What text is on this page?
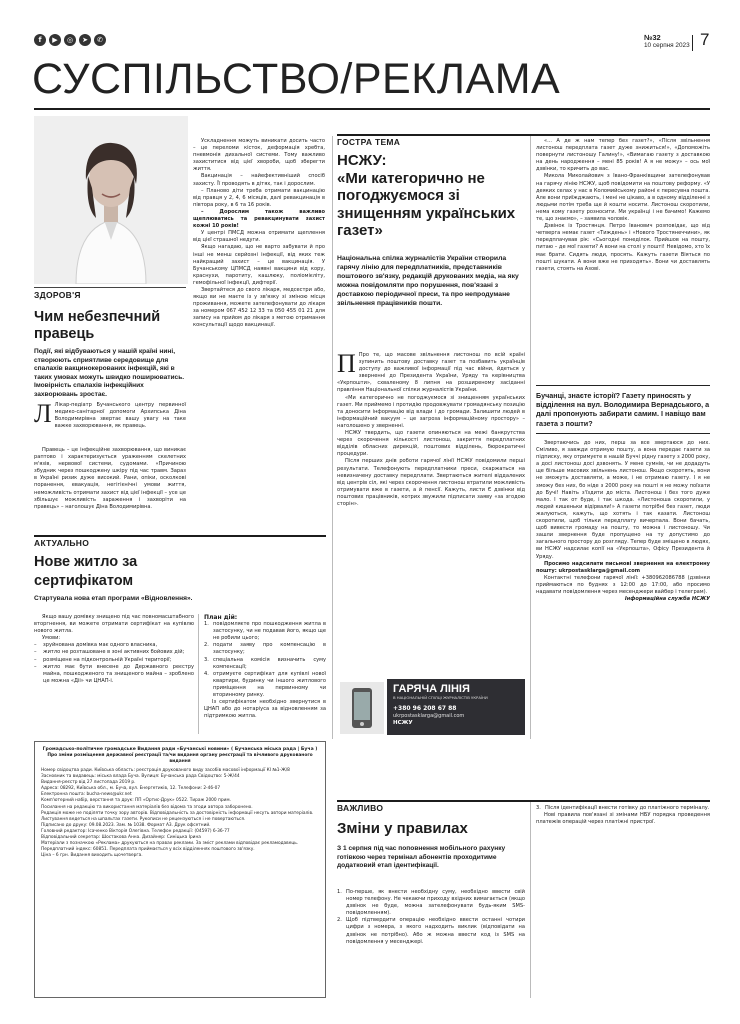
f	▶	◎	➤	✆	№32
10 серпня 2023 7
СУСПІЛЬСТВО/РЕКЛАМА
ЗДОРОВ'Я
Чим небезпечний правець
Події, які відбуваються у нашій країні нині, створюють сприятливе середовище для спалахів вакцинокерованих інфекцій, які в таких умовах можуть швидко поширюватись. Імовірність спалахів інфекційних захворювань зростає.
Л Лікар-педіатр Бучанського центру первинної медико-санітарної допомоги Архипська Діна Володимирівна звертає вашу увагу на таке важке захворювання, як правець.
Правець – це інфекційне захворювання, що виникає раптово і характеризується ураженням скелетних м'язів, нервової системи, судомами. «Причиною збудник через пошкоджену шкіру під час травм. Зараз в Україні ризик дуже високий. Рани, опіки, осколкові поранення, евакуація, негігієнічні умови життя, неможливість отримати захист від цієї інфекції – усе це збільшує можливість зараження і захворіти на правець» – наголошує Діна Володимирівна.

Ускладнення можуть виникати досить часто – це переломи кісток, деформація хребта, пневмонія дихальної системи. Тому важливо захиститися від цієї хвороби, щоб зберегти життя.

Вакцинація – найефективніший спосіб захисту. Її проводять в дітях, так і дорослим.

– Планово діти треба отримати вакцинацію від правця у 2, 4, 6 місяців, далі ревакцинація в півтора року, в 6 та 16 років.

– Дорослим також важливо щеплюватись та ревакцинувати захист кожні 10 років!

У центрі ПМСД можна отримати щеплення від цієї страшної недуги.

Якщо нагадаю, що не варто забувати й про інші не менш серйозні інфекції, від яких теж найкращий захист – це вакцинація. У Бучанському ЦПМСД наявні вакцини від кору, краснухи, паротиту, кашлюку, поліомієліту, гемофільної інфекції, дифтерії.

Звертайтеся до свого лікаря, медсестри або, якщо ви не маєте із у зв'язку зі зміною місця проживання, можете зателефонувати до лікаря за номером 067 452 12 33 та 050 455 01 21 для запису на прийом до лікаря з метою отримання консультації щодо вакцинації.

АКТУАЛЬНО
Нове житло за сертифікатом
Стартувала нова етап програми «Відновлення».

Якщо вашу домівку знищено під час повномасштабного вторгнення, ви можете отримати сертифікат на купівлю нового житла.

Умови:

– зруйнована домівка має одного власника,
– житло не розташоване в зоні активних бойових дій;
– розміщене на підконтрольній Україні території;
– житло має бути внесене до Державного реєстру майна, пошкодженого та знищеного майна – зроблено це можна «Діі» чи ЦНАП-і.

План дій:

1. повідомляєте про пошкодження житла в застосунку, чи не подавав його, якщо ще не робили цього;
2. подати заяву про компенсацію в застосунку;
3. спеціальна комісія визначить суму компенсації;
4. отримуєте сертифікат для купівлі нової квартири, будинку чи іншого житлового приміщення на первинному чи вторинному ринку.

Із сертифікатом необхідно звернутися в ЦНАП або до нотаріуса за відновленням за підтримкою житла.

Громадсько-політичне громадське Видання ради «Бучанські новини» ( Бучанська міська рада | Буча )
Про зміни розміщення державної реєстрації та/чи видання органу реєстрації та вічливого друкованого видання

Номер свідоцтва ради. Київська область: реєстрація друкованого виду засобів масової інформації КІ №1-Ж/8

Засновник та видавець: міська влада Буча. Вулиця: Бучанська рада Свідоцтво: 5-Ж/44

Видання-реєстр від 27 листопада 2019 р.

Адреса: 08292, Київська обл., м. Буча, вул. Енергетиків, 12. Телефони: 2-46-07

Електронна пошта: bucha-news@ukr.net

Комп'ютерний набір, верстання та друк: ПП «Ортис-Друк» 0522. Тираж 2000 прим.

Посилання на редакцію та використання матеріалів без відома та згоди автора заборонено.

Редакція може не поділяти точку зору авторів. Відповідальність за достовірність інформації несуть автори матеріалів.

Листування ведеться на шпальтах газети. Рукописи не рецензуються і не повертаються.

Підписано до друку: 09.08.2023. Зам. № 1038. Формат А3. Друк офсетний.

Головний редактор: Ісаченко Вікторія Олегівна. Телефон редакції: (04597) 6-36-77

Відповідальний секретар: Шостакова Анна. Дизайнер: Синіцька Ірина

Матеріали з позначкою «Реклама» друкуються на правах реклами. За зміст реклами відповідає рекламодавець.

Передплатний індекс: 60851. Передплата приймається у всіх відділеннях поштового зв'язку.

Ціна – 6 грн. Видання виходить щочетверга.

ГОСТРА ТЕМА
НСЖУ:
«Ми категорично не погоджуємося зі знищенням українських газет»
Національна спілка журналістів України створила гарячу лінію для передплатників, представників поштового зв'язку, редакцій друкованих медіа, на яку можна повідомляти про порушення, пов'язані з доставкою періодичної преси, та про непродумане звільнення працівників пошти.

П Про те, що масове звільнення листонош по всій країні зупинить поштову доставку газет та позбавить українців доступу до важливої інформації під час війни, йдеться у зверненні до Президента України, Уряду та керівництва «Укрпошти», схваленому 8 липня на розширеному засіданні правління Національної спілки журналістів України.

«Ми категорично не погоджуємося зі знищенням українських газет. Ми приймемо і протидію продовжувати громадянську позицію та доносити інформацію від влади і до громади. Залишити людей в інформаційний вакуум – це загроза інформаційному простору» – наголошено у зверненні.

НСЖУ твердить, що газети опиняються на межі банкрутства через скорочення кількості листонош, закриття передплатних відділів обласних дирекцій, поштових відділень, бюрократичні процедури.

Після перших днів роботи гарячої лінії НСЖУ повідомили перші результати. Телефонують передплатники преси, скаржаться на невизначену доставку передплати. Звертаються жителі віддалених від центрів сіл, які через скорочення листонош втратили можливість отримувати вже в газети, а й пенсії. Кажуть, листи Є дзвінки від поштових працівників, котрих звужили підписати заяву «за згодою сторін».

ГАРЯЧА ЛІНІЯ
В НАЦІОНАЛЬНІЙ СПІЛЦІ ЖУРНАЛІСТІВ УКРАЇНИ
+380 96 208 67 88
ukrpostasklarga@gmail.com
НСЖУ

«... А де ж нам тепер без газет?», «Після звільнення листонош передплата газет дуже знижиться!», «Допоможіть повернути листоношу Галину!», «Вимагаю газету з доставкою на день народження – мені 85 років! А я не можу» – ось мої дзвінки, то кричить до вас.

Микола Миколайович з Івано-Франківщини зателефонував на гарячу лінію НСЖУ, щоб повідомити на поштову реформу. «У деяких селах у нас в Коломийському районі є пересувна пошта. Але вони приїжджають, і мені не цікаво, а в одному відділенні з людьми потім треба ще й кошти носити. Листонош скоротили, нема кому газету розносити. Ми українці і не бачимо! Кажемо те, що знаємо», – заявила чоловік.

Дзвінок із Тростянця. Петро Іванович розповідає, що від четверга немає газет «Тиждень» і «Нового Тростянеччини», як передплачував рік: «Сьогодні понеділок. Прийшов на пошту, питаю – де мої газети? А вони на столі у пошті! Невідомо, хто їх має брати. Сидять люди, просять. Кажуть газети Віяться по пошті шукати. А вони вже не приходять». Вони чи доставлять газети, стоять на Азові.

Бучанці, знаєте історії? Газету приносять у відділення на вул. Володимира Вернадського, а далі пропонують забирати самим. І навіщо вам газета з пошти?

Звертаючись до них, перш за все звертаюся до них. Сміливо, я завжди отримую пошту, а вона передає газети за підписку, яку отримуєте в нашій Буччі рідну газету з 2000 року, а досі листонош досі дзвонять. У мене сумнів, чи не додадуть ще більше масових звільнень листонош. Якщо скоротять, вони не зможуть доставляти, а може, і не отримаю газету. І я не зможу без них, бо ніде з 2000 року на пошті я не можу поїхати до Бучі! Навіть з'їздити до міста. Листонош і без того дуже мало. І так от буде, і так шкода. «Листоноша скоротили, у людей кишеньки відірвали!» А газети потрібні без газет, люди жалуються, кажуть, що хотять і так казати. Листонош скоротили, щоб тільки передплату вичерпала. Вони бачать, щоб вивести громаду на пошту, то можна і листоношу. Чи зашли звернення буде пропущено на ту допустимо до загального простору до розгляду. Тепер буде зміщено в людях, ви НСЖУ надсилає копії на «Укрпошта», Офісу Президента й Уряду.

Просимо надсилати письмові звернення на електронну пошту: ukrpostasklarga@gmail.com

Контактні телефони гарячої лінії: +380962086788 (дзвінки приймаються по буднях з 12:00 до 17:00, або просимо надавати повідомлення через месенджери вайбер і телеграм).

Інформаційна служба НСЖУ

ВАЖЛИВО
Зміни у правилах
З 1 серпня під час поповнення мобільного рахунку готівкою через термінал абонентів проходитиме додатковий етап ідентифікації.
1. По-перше, як внести необхідну суму, необхідно ввести свій номер телефону. Не чекаючи приходу вхідних вимагається (якщо дзвінок не буде, можна зателефонувати будь-яким SMS-повідомленням).
2. Щоб підтвердити операцію необхідно ввести останні чотири цифри з номера, з якого надходить виклик (відповідати на дзвінок не потрібно). Або ж можна ввести код із SMS на повідомлення у месенджері.
3. Після ідентифікації внести готівку до платіжного терміналу.

Нові правила пов'язані зі змінами НБУ порядка проведення платежів операцій через платіжні пристрої.
